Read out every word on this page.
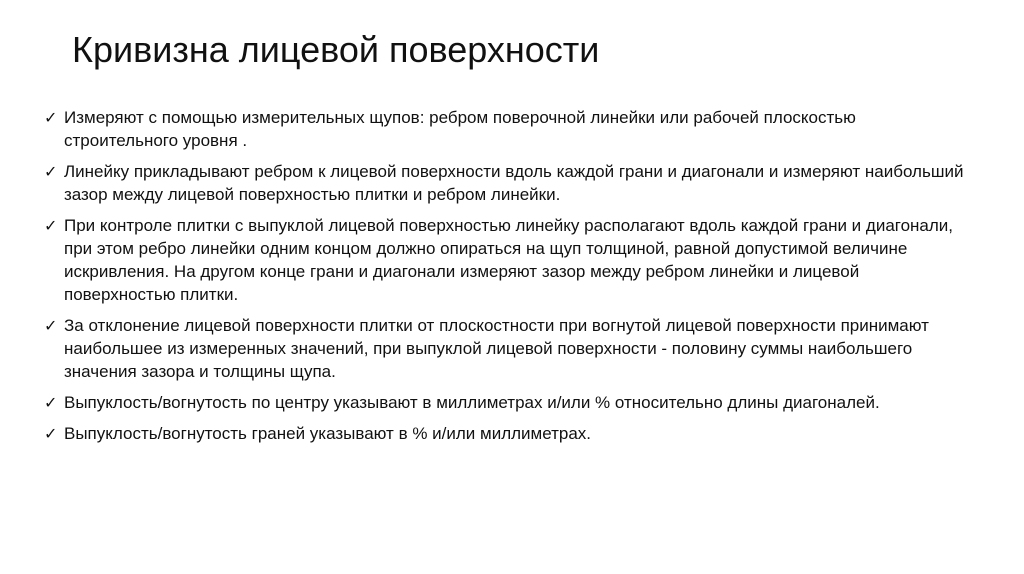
Кривизна лицевой поверхности
✓ Измеряют с помощью измерительных щупов: ребром поверочной линейки или рабочей плоскостью строительного уровня .
✓ Линейку прикладывают ребром к лицевой поверхности вдоль каждой грани и диагонали и измеряют наибольший зазор между лицевой поверхностью плитки и ребром линейки.
✓ При контроле плитки с выпуклой лицевой поверхностью линейку располагают вдоль каждой грани и диагонали, при этом ребро линейки одним концом должно опираться на щуп толщиной, равной допустимой величине искривления. На другом конце грани и диагонали измеряют зазор между ребром линейки и лицевой поверхностью плитки.
✓ За отклонение лицевой поверхности плитки от плоскостности при вогнутой лицевой поверхности принимают наибольшее из измеренных значений, при выпуклой лицевой поверхности - половину суммы наибольшего значения зазора и толщины щупа.
✓ Выпуклость/вогнутость по центру указывают в миллиметрах и/или % относительно длины диагоналей.
✓ Выпуклость/вогнутость граней указывают в % и/или миллиметрах.
